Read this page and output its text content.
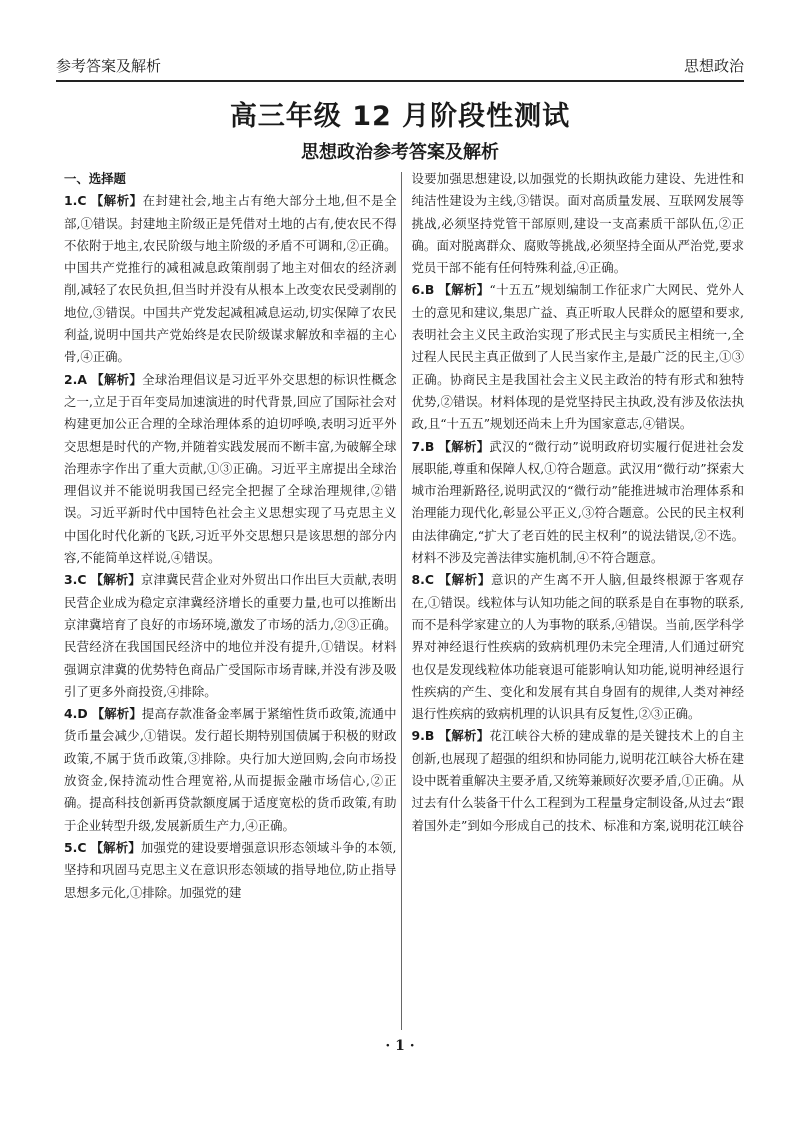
参考答案及解析	思想政治
高三年级 12 月阶段性测试
思想政治参考答案及解析
一、选择题

1.C 【解析】在封建社会,地主占有绝大部分土地,但不是全部,①错误。封建地主阶级正是凭借对土地的占有,使农民不得不依附于地主,农民阶级与地主阶级的矛盾不可调和,②正确。中国共产党推行的减租减息政策削弱了地主对佃农的经济剥削,减轻了农民负担,但当时并没有从根本上改变农民受剥削的地位,③错误。中国共产党发起减租减息运动,切实保障了农民利益,说明中国共产党始终是农民阶级谋求解放和幸福的主心骨,④正确。

2.A 【解析】全球治理倡议是习近平外交思想的标识性概念之一,立足于百年变局加速演进的时代背景,回应了国际社会对构建更加公正合理的全球治理体系的迫切呼唤,表明习近平外交思想是时代的产物,并随着实践发展而不断丰富,为破解全球治理赤字作出了重大贡献,①③正确。习近平主席提出全球治理倡议并不能说明我国已经完全把握了全球治理规律,②错误。习近平新时代中国特色社会主义思想实现了马克思主义中国化时代化新的飞跃,习近平外交思想只是该思想的部分内容,不能简单这样说,④错误。

3.C 【解析】京津冀民营企业对外贸出口作出巨大贡献,表明民营企业成为稳定京津冀经济增长的重要力量,也可以推断出京津冀培育了良好的市场环境,激发了市场的活力,②③正确。民营经济在我国国民经济中的地位并没有提升,①错误。材料强调京津冀的优势特色商品广受国际市场青睐,并没有涉及吸引了更多外商投资,④排除。

4.D 【解析】提高存款准备金率属于紧缩性货币政策,流通中货币量会减少,①错误。发行超长期特别国债属于积极的财政政策,不属于货币政策,③排除。央行加大逆回购,会向市场投放资金,保持流动性合理宽裕,从而提振金融市场信心,②正确。提高科技创新再贷款额度属于适度宽松的货币政策,有助于企业转型升级,发展新质生产力,④正确。

5.C 【解析】加强党的建设要增强意识形态领域斗争的本领,坚持和巩固马克思主义在意识形态领域的指导地位,防止指导思想多元化,①排除。加强党的建

设要加强思想建设,以加强党的长期执政能力建设、先进性和纯洁性建设为主线,③错误。面对高质量发展、互联网发展等挑战,必须坚持党管干部原则,建设一支高素质干部队伍,②正确。面对脱离群众、腐败等挑战,必须坚持全面从严治党,要求党员干部不能有任何特殊利益,④正确。

6.B 【解析】“十五五”规划编制工作征求广大网民、党外人士的意见和建议,集思广益、真正听取人民群众的愿望和要求,表明社会主义民主政治实现了形式民主与实质民主相统一,全过程人民民主真正做到了人民当家作主,是最广泛的民主,①③正确。协商民主是我国社会主义民主政治的特有形式和独特优势,②错误。材料体现的是党坚持民主执政,没有涉及依法执政,且“十五五”规划还尚未上升为国家意志,④错误。

7.B 【解析】武汉的“微行动”说明政府切实履行促进社会发展职能,尊重和保障人权,①符合题意。武汉用“微行动”探索大城市治理新路径,说明武汉的“微行动”能推进城市治理体系和治理能力现代化,彰显公平正义,③符合题意。公民的民主权利由法律确定,“扩大了老百姓的民主权利”的说法错误,②不选。材料不涉及完善法律实施机制,④不符合题意。

8.C 【解析】意识的产生离不开人脑,但最终根源于客观存在,①错误。线粒体与认知功能之间的联系是自在事物的联系,而不是科学家建立的人为事物的联系,④错误。当前,医学科学界对神经退行性疾病的致病机理仍未完全理清,人们通过研究也仅是发现线粒体功能衰退可能影响认知功能,说明神经退行性疾病的产生、变化和发展有其自身固有的规律,人类对神经退行性疾病的致病机理的认识具有反复性,②③正确。

9.B 【解析】花江峡谷大桥的建成靠的是关键技术上的自主创新,也展现了超强的组织和协同能力,说明花江峡谷大桥在建设中既着重解决主要矛盾,又统筹兼顾好次要矛盾,①正确。从过去有什么装备干什么工程到为工程量身定制设备,从过去“跟着国外走”到如今形成自己的技术、标准和方案,说明花江峡谷

· 1 ·
